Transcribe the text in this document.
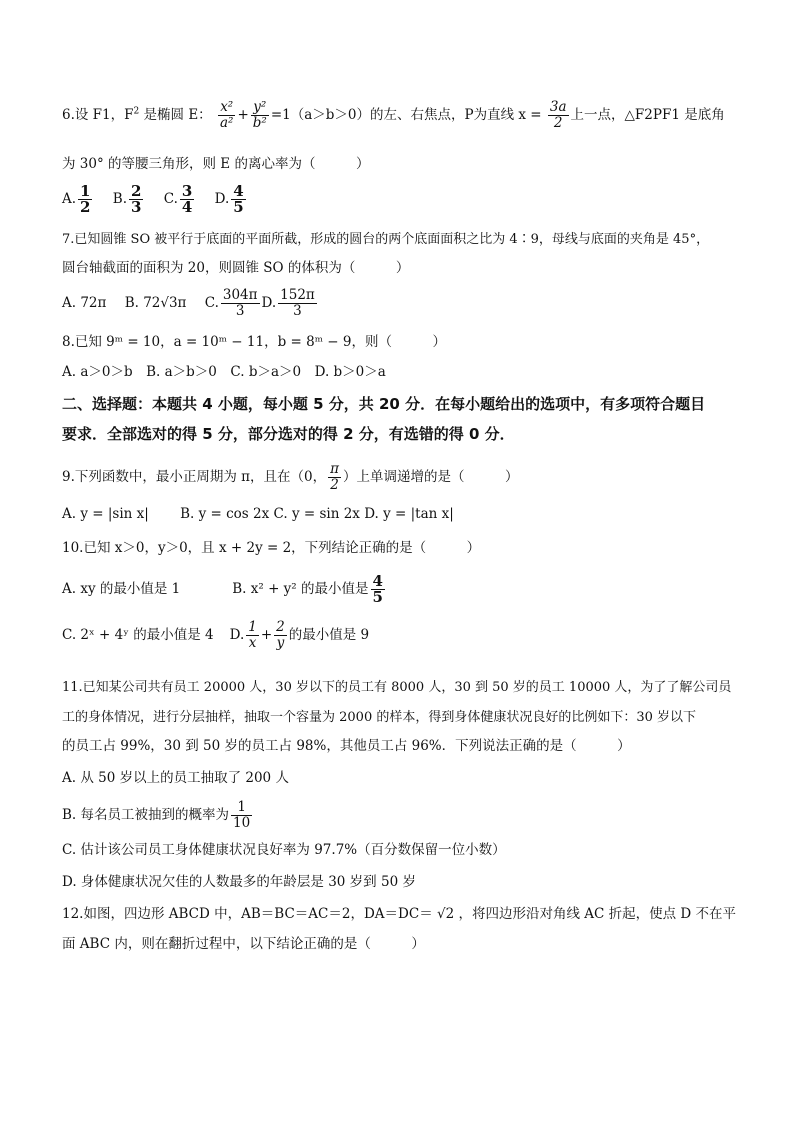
6.设 F1，$F^2$ 是椭圆 E： $\frac{\text{x²}}{\text{a²}} + \frac{\text{y²}}{\text{b²}} =1(a>b>0)$的左、右焦点，P为直线 $x = \frac{3a}{2}$ 上一点，△F2PF1 是底角
为 30° 的等腰三角形，则 E 的离心率为（　　　）
A. $\frac{1}{2} B$. $\frac{2}{3} C$. $\frac{3}{4} D$. $\frac{4}{5}$
7.已知圆锥 SO 被平行于底面的平面所截，形成的圆台的两个底面面积之比为 4∶9，母线与底面的夹角是 45°，
圆台轴截面的面积为 20，则圆锥 SO 的体积为（　　　）
A. 72π B. 72√3π C. $\frac{304\pi}{3} D$. $\frac{152\pi}{3}$
8.已知 9ᵐ = 10，a = 10ᵐ − 11，b = 8ᵐ − 9，则（　　　）
A. a＞0＞b　B. a＞b＞0　C. b＞a＞0　D. b＞0＞a
二、选择题：本题共 4 小题，每小题 5 分，共 20 分．在每小题给出的选项中，有多项符合题目
要求．全部选对的得 5 分，部分选对的得 2 分，有选错的得 0 分．
9.下列函数中，最小正周期为 π，且在（0， $\frac{\pi}{2}$ ）上单调递增的是（　　　）
A. y = |sin x|　　 B. y = cos 2x C. y = sin 2x D. y = |tan x|
10.已知 x＞0，y＞0，且 x + 2y = 2，下列结论正确的是（　　　）
A. xy 的最小值是 1	B. x² + y² 的最小值是 $\frac{4}{5}$
C. 2ˣ + 4ʸ 的最小值是 4 D. $\frac{1}{x} + \frac{2}{y}$ 的最小值是 9
11.已知某公司共有员工 20000 人，30 岁以下的员工有 8000 人，30 到 50 岁的员工 10000 人，为了了解公司员
工的身体情况，进行分层抽样，抽取一个容量为 2000 的样本，得到身体健康状况良好的比例如下：30 岁以下
的员工占 99%，30 到 50 岁的员工占 98%，其他员工占 96%．下列说法正确的是（　　　）
A. 从 50 岁以上的员工抽取了 200 人
B. 每名员工被抽到的概率为 $\frac{1}{10}$
C. 估计该公司员工身体健康状况良好率为 97.7%（百分数保留一位小数）
D. 身体健康状况欠佳的人数最多的年龄层是 30 岁到 50 岁
12.如图，四边形 ABCD 中，AB＝BC＝AC＝2，DA＝DC＝ √2 ，将四边形沿对角线 AC 折起，使点 D 不在平
面 ABC 内，则在翻折过程中，以下结论正确的是（　　　）
